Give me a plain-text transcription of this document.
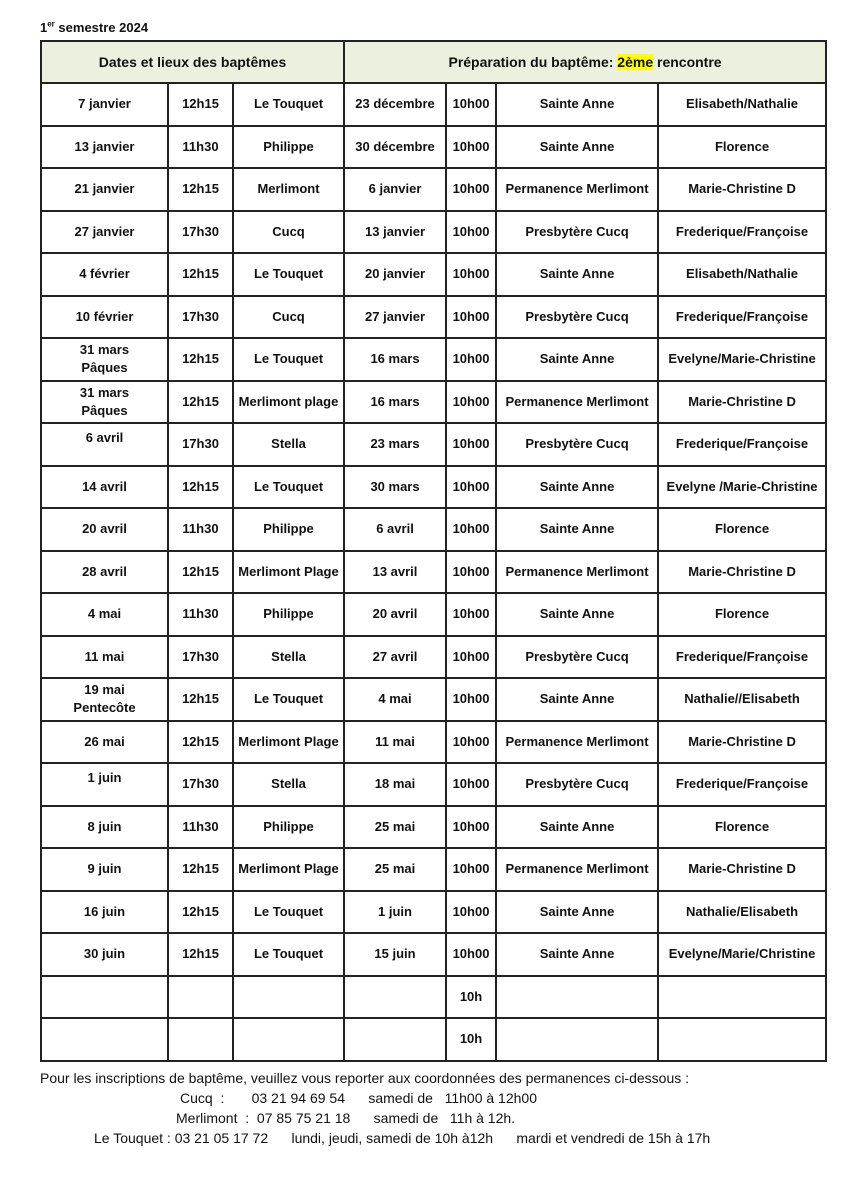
1er semestre 2024
Dates et lieux des baptêmes			Préparation du baptême: 2ème rencontre			

7 janvier	12h15	Le Touquet	23 décembre	10h00	Sainte Anne	Elisabeth/Nathalie

13 janvier	11h30	Philippe	30 décembre	10h00	Sainte Anne	Florence

21 janvier	12h15	Merlimont	6 janvier	10h00	Permanence Merlimont	Marie-Christine D

27 janvier	17h30	Cucq	13 janvier	10h00	Presbytère Cucq	Frederique/Françoise

4 février	12h15	Le Touquet	20 janvier	10h00	Sainte Anne	Elisabeth/Nathalie

10 février	17h30	Cucq	27 janvier	10h00	Presbytère Cucq	Frederique/Françoise

31 mars
Pâques	12h15	Le Touquet	16 mars	10h00	Sainte Anne	Evelyne/Marie-Christine

31 mars
Pâques	12h15	Merlimont plage	16 mars	10h00	Permanence Merlimont	Marie-Christine D

6 avril	17h30	Stella	23 mars	10h00	Presbytère Cucq	Frederique/Françoise

14 avril	12h15	Le Touquet	30 mars	10h00	Sainte Anne	Evelyne /Marie-Christine

20 avril	11h30	Philippe	6 avril	10h00	Sainte Anne	Florence

28 avril	12h15	Merlimont Plage	13 avril	10h00	Permanence Merlimont	Marie-Christine D

4 mai	11h30	Philippe	20 avril	10h00	Sainte Anne	Florence

11 mai	17h30	Stella	27 avril	10h00	Presbytère Cucq	Frederique/Françoise

19 mai
Pentecôte	12h15	Le Touquet	4 mai	10h00	Sainte Anne	Nathalie//Elisabeth

26 mai	12h15	Merlimont Plage	11 mai	10h00	Permanence Merlimont	Marie-Christine D

1 juin	17h30	Stella	18 mai	10h00	Presbytère Cucq	Frederique/Françoise

8 juin	11h30	Philippe	25 mai	10h00	Sainte Anne	Florence

9 juin	12h15	Merlimont Plage	25 mai	10h00	Permanence Merlimont	Marie-Christine D

16 juin	12h15	Le Touquet	1 juin	10h00	Sainte Anne	Nathalie/Elisabeth

30 juin	12h15	Le Touquet	15 juin	10h00	Sainte Anne	Evelyne/Marie/Christine

				10h		

				10h		
Pour les inscriptions de baptême, veuillez vous reporter aux coordonnées des permanences ci-dessous :
Cucq  :       03 21 94 69 54      samedi de   11h00 à 12h00
Merlimont  :  07 85 75 21 18      samedi de   11h à 12h.
Le Touquet : 03 21 05 17 72      lundi, jeudi, samedi de 10h à12h      mardi et vendredi de 15h à 17h
